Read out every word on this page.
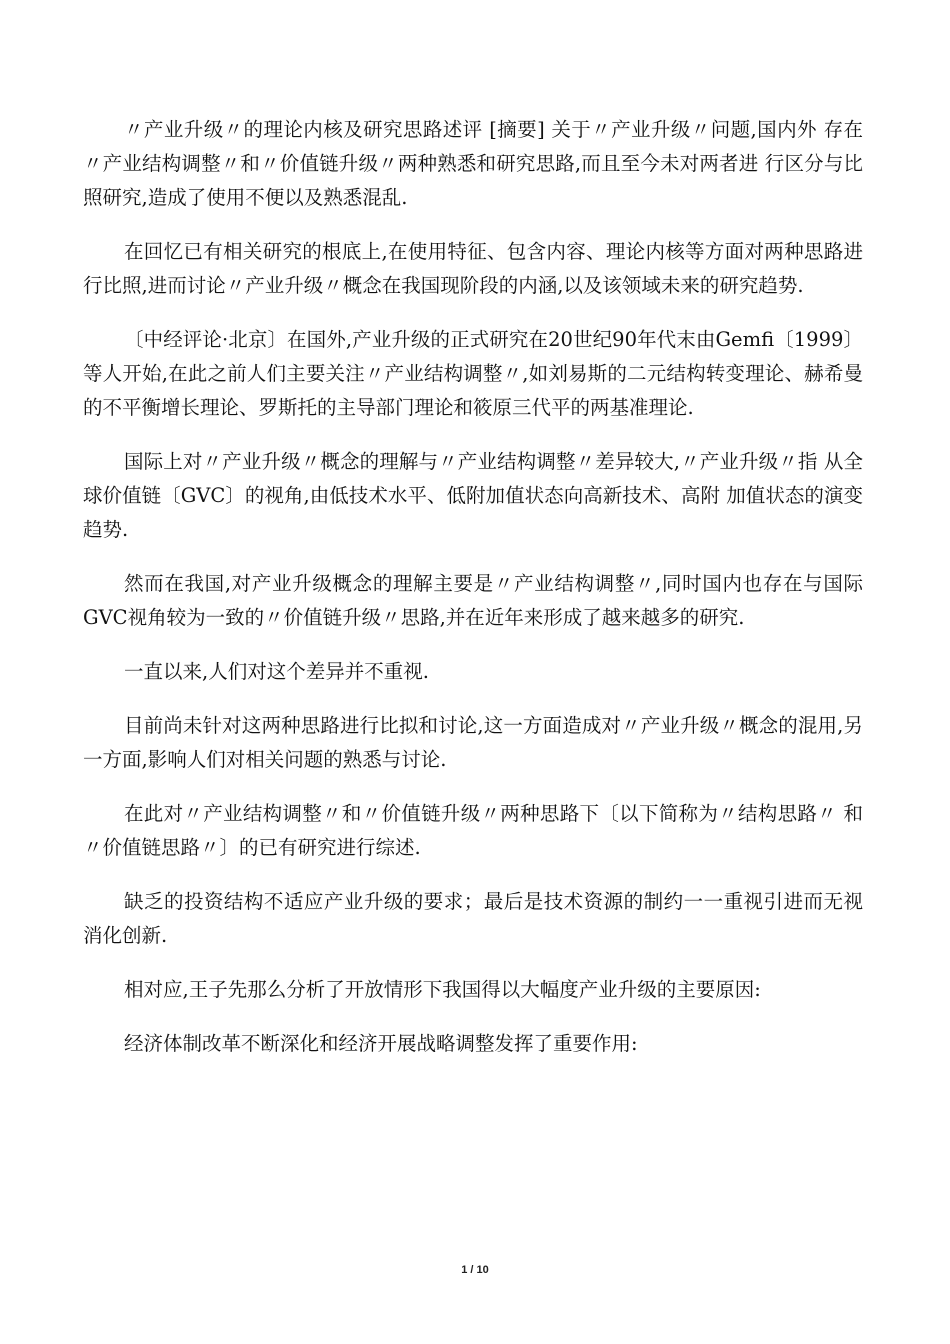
〃产业升级〃的理论内核及研究思路述评 [摘要] 关于〃产业升级〃问题,国内外 存在〃产业结构调整〃和〃价值链升级〃两种熟悉和研究思路,而且至今未对两者进 行区分与比照研究,造成了使用不便以及熟悉混乱.

在回忆已有相关研究的根底上,在使用特征、包含内容、理论内核等方面对两种思路进行比照,进而讨论〃产业升级〃概念在我国现阶段的内涵,以及该领域未来的研究趋势.

〔中经评论·北京〕在国外,产业升级的正式研究在20世纪90年代末由Gemfi〔1999〕等人开始,在此之前人们主要关注〃产业结构调整〃,如刘易斯的二元结构转变理论、赫希曼的不平衡增长理论、罗斯托的主导部门理论和筱原三代平的两基准理论.

国际上对〃产业升级〃概念的理解与〃产业结构调整〃差异较大,〃产业升级〃指 从全球价值链〔GVC〕的视角,由低技术水平、低附加值状态向高新技术、高附 加值状态的演变趋势.

然而在我国,对产业升级概念的理解主要是〃产业结构调整〃,同时国内也存在与国际GVC视角较为一致的〃价值链升级〃思路,并在近年来形成了越来越多的研究.

一直以来,人们对这个差异并不重视.

目前尚未针对这两种思路进行比拟和讨论,这一方面造成对〃产业升级〃概念的混用,另一方面,影响人们对相关问题的熟悉与讨论.

在此对〃产业结构调整〃和〃价值链升级〃两种思路下〔以下简称为〃结构思路〃 和〃价值链思路〃〕的已有研究进行综述.

缺乏的投资结构不适应产业升级的要求；最后是技术资源的制约一一重视引进而无视消化创新.

相对应,王子先那么分析了开放情形下我国得以大幅度产业升级的主要原因:

经济体制改革不断深化和经济开展战略调整发挥了重要作用:

1 / 10
